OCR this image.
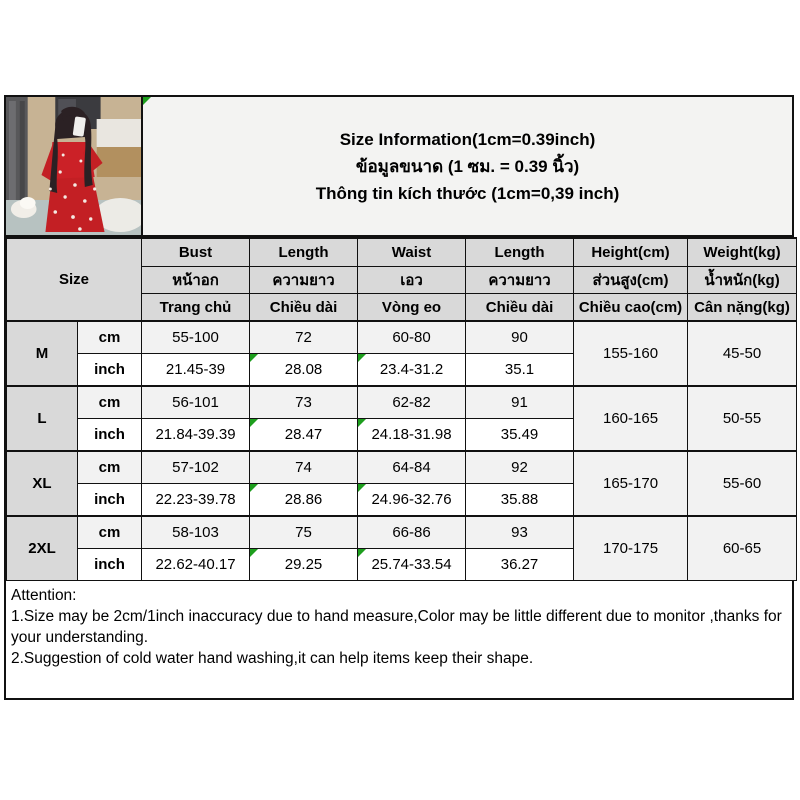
Size Information(1cm=0.39inch)
ข้อมูลขนาด (1 ซม. = 0.39 นิ้ว)
Thông tin kích thước (1cm=0,39 inch)
Size		Bust	Length	Waist	Length	Height(cm)	Weight(kg)
		หน้าอก	ความยาว	เอว	ความยาว	ส่วนสูง(cm)	น้ำหนัก(kg)
		Trang chủ	Chiều dài	Vòng eo	Chiều dài	Chiều cao(cm)	Cân nặng(kg)
M	cm	55-100	72	60-80	90	155-160	45-50
	inch	21.45-39	28.08	23.4-31.2	35.1		
L	cm	56-101	73	62-82	91	160-165	50-55
	inch	21.84-39.39	28.47	24.18-31.98	35.49		
XL	cm	57-102	74	64-84	92	165-170	55-60
	inch	22.23-39.78	28.86	24.96-32.76	35.88		
2XL	cm	58-103	75	66-86	93	170-175	60-65
	inch	22.62-40.17	29.25	25.74-33.54	36.27		
Attention:
1.Size may be 2cm/1inch inaccuracy due to hand measure,Color may be little different due to monitor ,thanks for your understanding.
2.Suggestion of cold water hand washing,it can help items keep their shape.
